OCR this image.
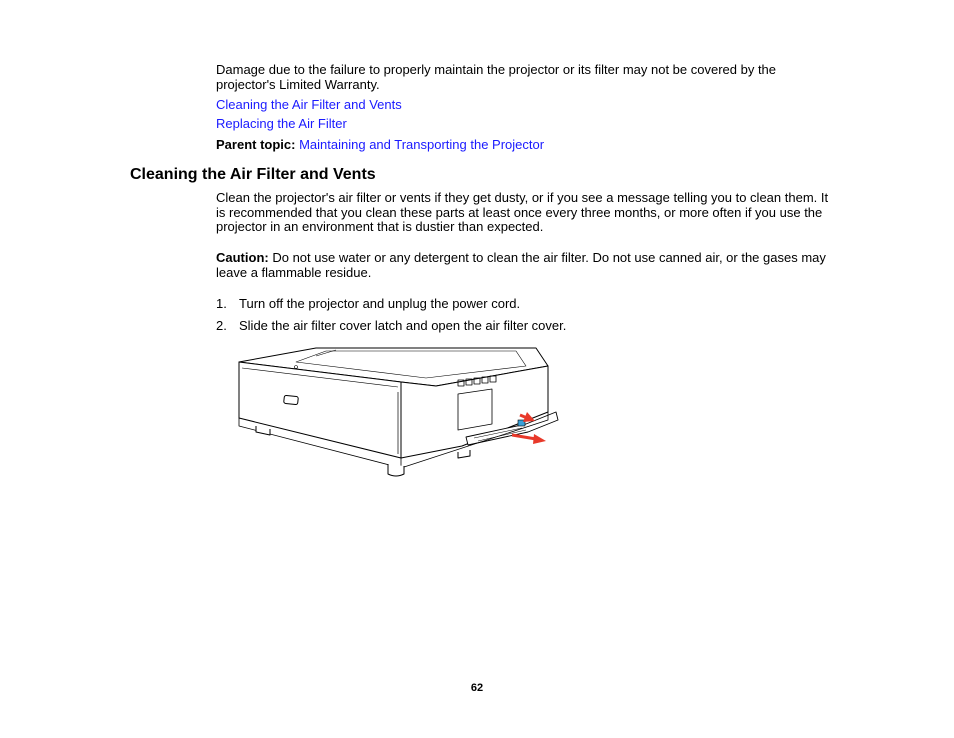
Damage due to the failure to properly maintain the projector or its filter may not be covered by the projector's Limited Warranty.

Cleaning the Air Filter and Vents
Replacing the Air Filter

Parent topic: Maintaining and Transporting the Projector

Cleaning the Air Filter and Vents

Clean the projector's air filter or vents if they get dusty, or if you see a message telling you to clean them. It is recommended that you clean these parts at least once every three months, or more often if you use the projector in an environment that is dustier than expected.

Caution: Do not use water or any detergent to clean the air filter. Do not use canned air, or the gases may leave a flammable residue.

1. Turn off the projector and unplug the power cord.
2. Slide the air filter cover latch and open the air filter cover.
62
